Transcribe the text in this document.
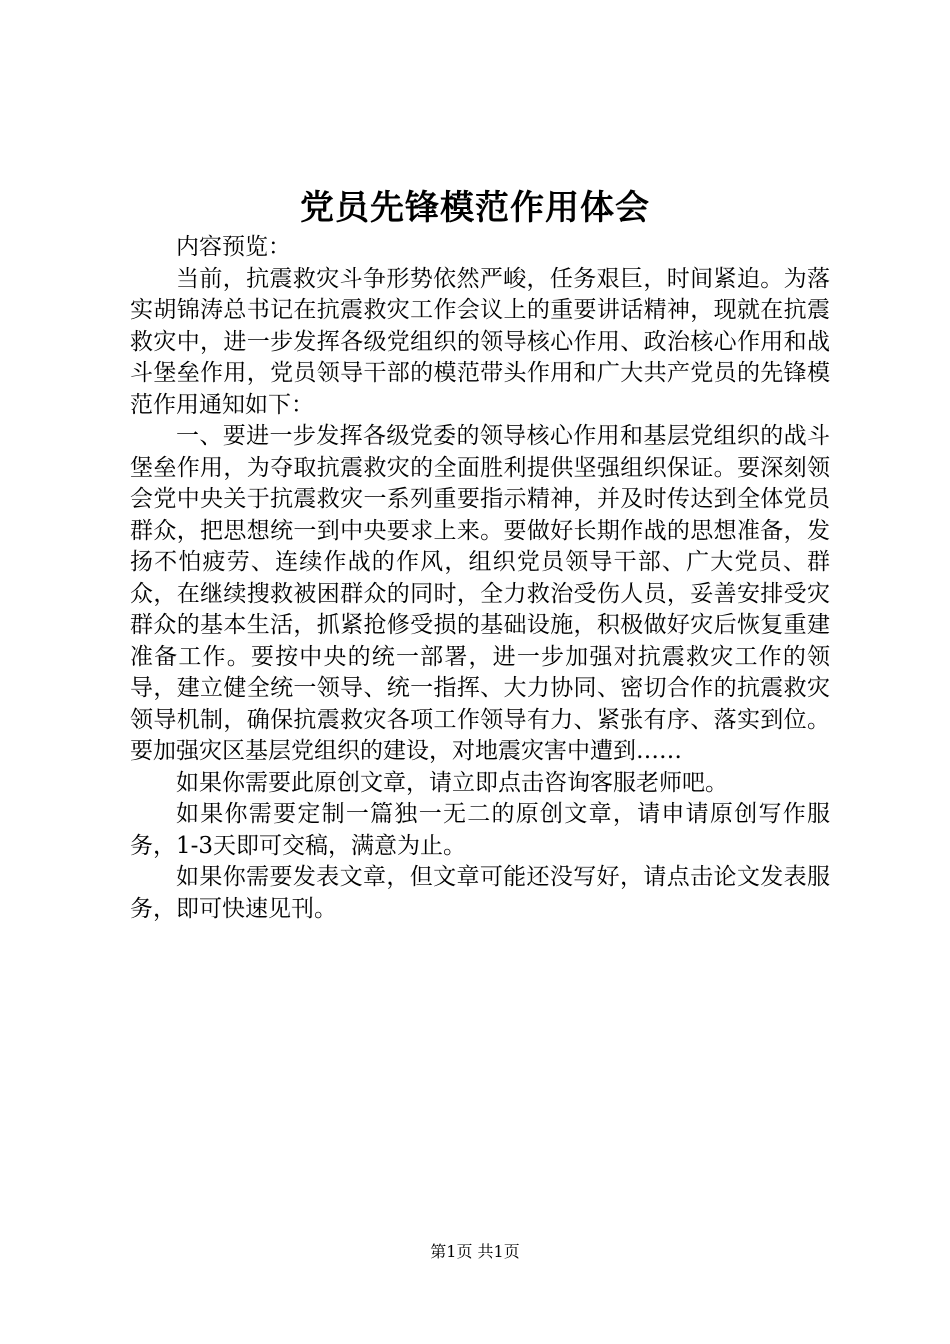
党员先锋模范作用体会

内容预览：

当前，抗震救灾斗争形势依然严峻，任务艰巨，时间紧迫。为落实胡锦涛总书记在抗震救灾工作会议上的重要讲话精神，现就在抗震救灾中，进一步发挥各级党组织的领导核心作用、政治核心作用和战斗堡垒作用，党员领导干部的模范带头作用和广大共产党员的先锋模范作用通知如下：

一、要进一步发挥各级党委的领导核心作用和基层党组织的战斗堡垒作用，为夺取抗震救灾的全面胜利提供坚强组织保证。要深刻领会党中央关于抗震救灾一系列重要指示精神，并及时传达到全体党员群众，把思想统一到中央要求上来。要做好长期作战的思想准备，发扬不怕疲劳、连续作战的作风，组织党员领导干部、广大党员、群众，在继续搜救被困群众的同时，全力救治受伤人员，妥善安排受灾群众的基本生活，抓紧抢修受损的基础设施，积极做好灾后恢复重建准备工作。要按中央的统一部署，进一步加强对抗震救灾工作的领导，建立健全统一领导、统一指挥、大力协同、密切合作的抗震救灾领导机制，确保抗震救灾各项工作领导有力、紧张有序、落实到位。要加强灾区基层党组织的建设，对地震灾害中遭到……

如果你需要此原创文章，请立即点击咨询客服老师吧。

如果你需要定制一篇独一无二的原创文章，请申请原创写作服务，1-3天即可交稿，满意为止。

如果你需要发表文章，但文章可能还没写好，请点击论文发表服务，即可快速见刊。

第1页 共1页
